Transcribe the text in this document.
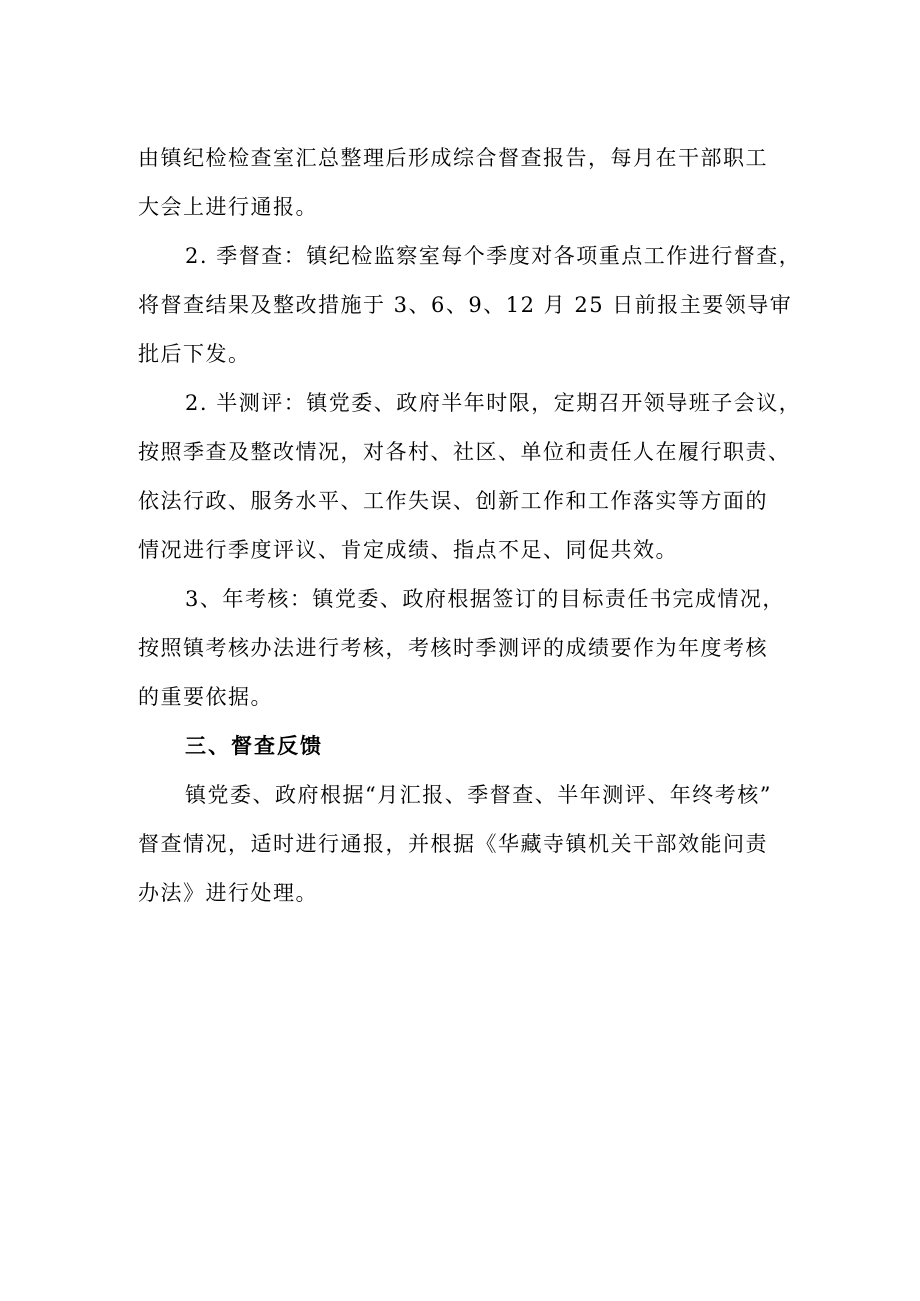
由镇纪检检查室汇总整理后形成综合督查报告，每月在干部职工
大会上进行通报。

2. 季督查：镇纪检监察室每个季度对各项重点工作进行督查，
将督查结果及整改措施于 3、6、9、12 月 25 日前报主要领导审
批后下发。

2. 半测评：镇党委、政府半年时限，定期召开领导班子会议，
按照季查及整改情况，对各村、社区、单位和责任人在履行职责、
依法行政、服务水平、工作失误、创新工作和工作落实等方面的
情况进行季度评议、肯定成绩、指点不足、同促共效。

3、年考核：镇党委、政府根据签订的目标责任书完成情况，
按照镇考核办法进行考核，考核时季测评的成绩要作为年度考核
的重要依据。

三、督查反馈

镇党委、政府根据“月汇报、季督查、半年测评、年终考核”
督查情况，适时进行通报，并根据《华藏寺镇机关干部效能问责
办法》进行处理。
